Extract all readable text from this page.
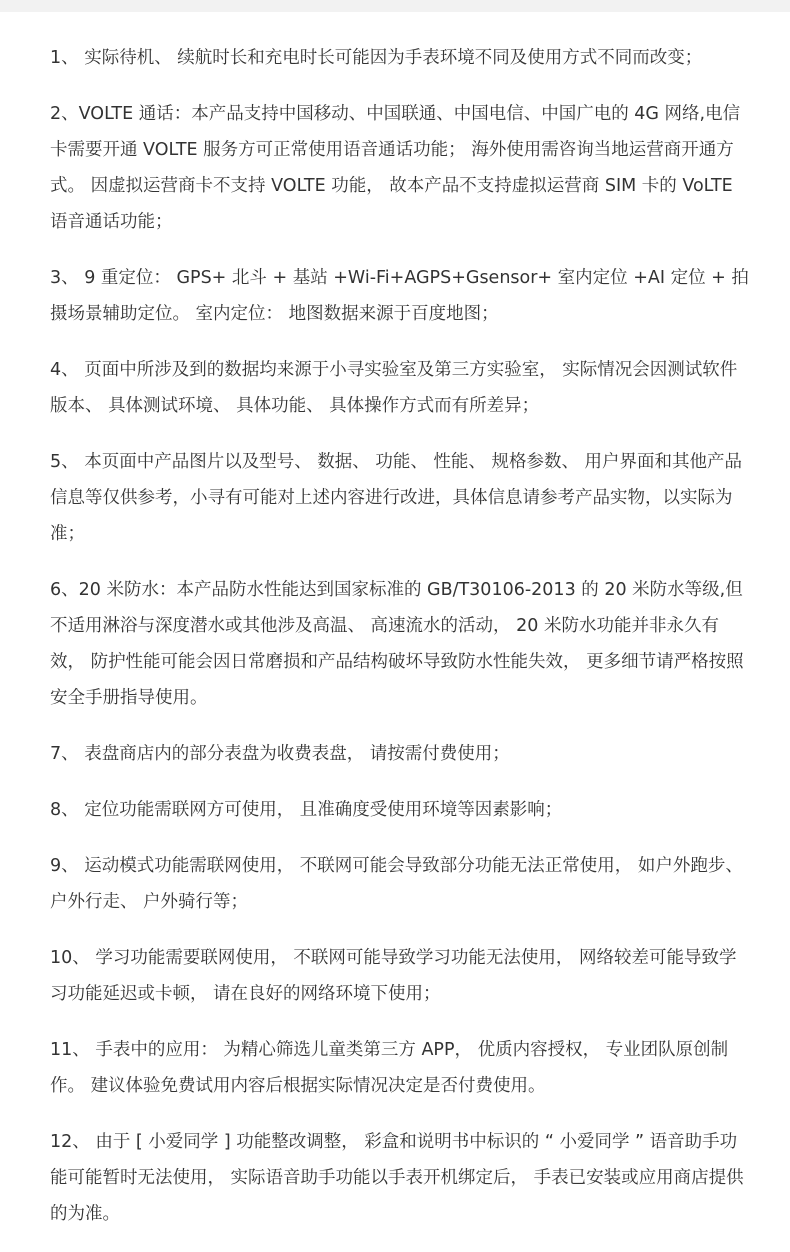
1、 实际待机、 续航时长和充电时长可能因为手表环境不同及使用方式不同而改变；
2、VOLTE 通话：本产品支持中国移动、中国联通、中国电信、中国广电的 4G 网络,电信卡需要开通 VOLTE 服务方可正常使用语音通话功能； 海外使用需咨询当地运营商开通方式。 因虚拟运营商卡不支持 VOLTE 功能， 故本产品不支持虚拟运营商 SIM 卡的 VoLTE 语音通话功能；
3、 9 重定位： GPS+ 北斗 + 基站 +Wi-Fi+AGPS+Gsensor+ 室内定位 +AI 定位 + 拍摄场景辅助定位。 室内定位： 地图数据来源于百度地图；
4、 页面中所涉及到的数据均来源于小寻实验室及第三方实验室， 实际情况会因测试软件版本、 具体测试环境、 具体功能、 具体操作方式而有所差异；
5、 本页面中产品图片以及型号、 数据、 功能、 性能、 规格参数、 用户界面和其他产品信息等仅供参考，小寻有可能对上述内容进行改进，具体信息请参考产品实物，以实际为准；
6、20 米防水：本产品防水性能达到国家标准的 GB/T30106-2013 的 20 米防水等级,但不适用淋浴与深度潜水或其他涉及高温、 高速流水的活动， 20 米防水功能并非永久有效， 防护性能可能会因日常磨损和产品结构破坏导致防水性能失效， 更多细节请严格按照安全手册指导使用。
7、 表盘商店内的部分表盘为收费表盘， 请按需付费使用；
8、 定位功能需联网方可使用， 且准确度受使用环境等因素影响；
9、 运动模式功能需联网使用， 不联网可能会导致部分功能无法正常使用， 如户外跑步、 户外行走、 户外骑行等；
10、 学习功能需要联网使用， 不联网可能导致学习功能无法使用， 网络较差可能导致学习功能延迟或卡顿， 请在良好的网络环境下使用；
11、 手表中的应用： 为精心筛选儿童类第三方 APP， 优质内容授权， 专业团队原创制作。 建议体验免费试用内容后根据实际情况决定是否付费使用。
12、 由于 [ 小爱同学 ] 功能整改调整， 彩盒和说明书中标识的 “ 小爱同学 ” 语音助手功能可能暂时无法使用， 实际语音助手功能以手表开机绑定后， 手表已安装或应用商店提供的为准。
